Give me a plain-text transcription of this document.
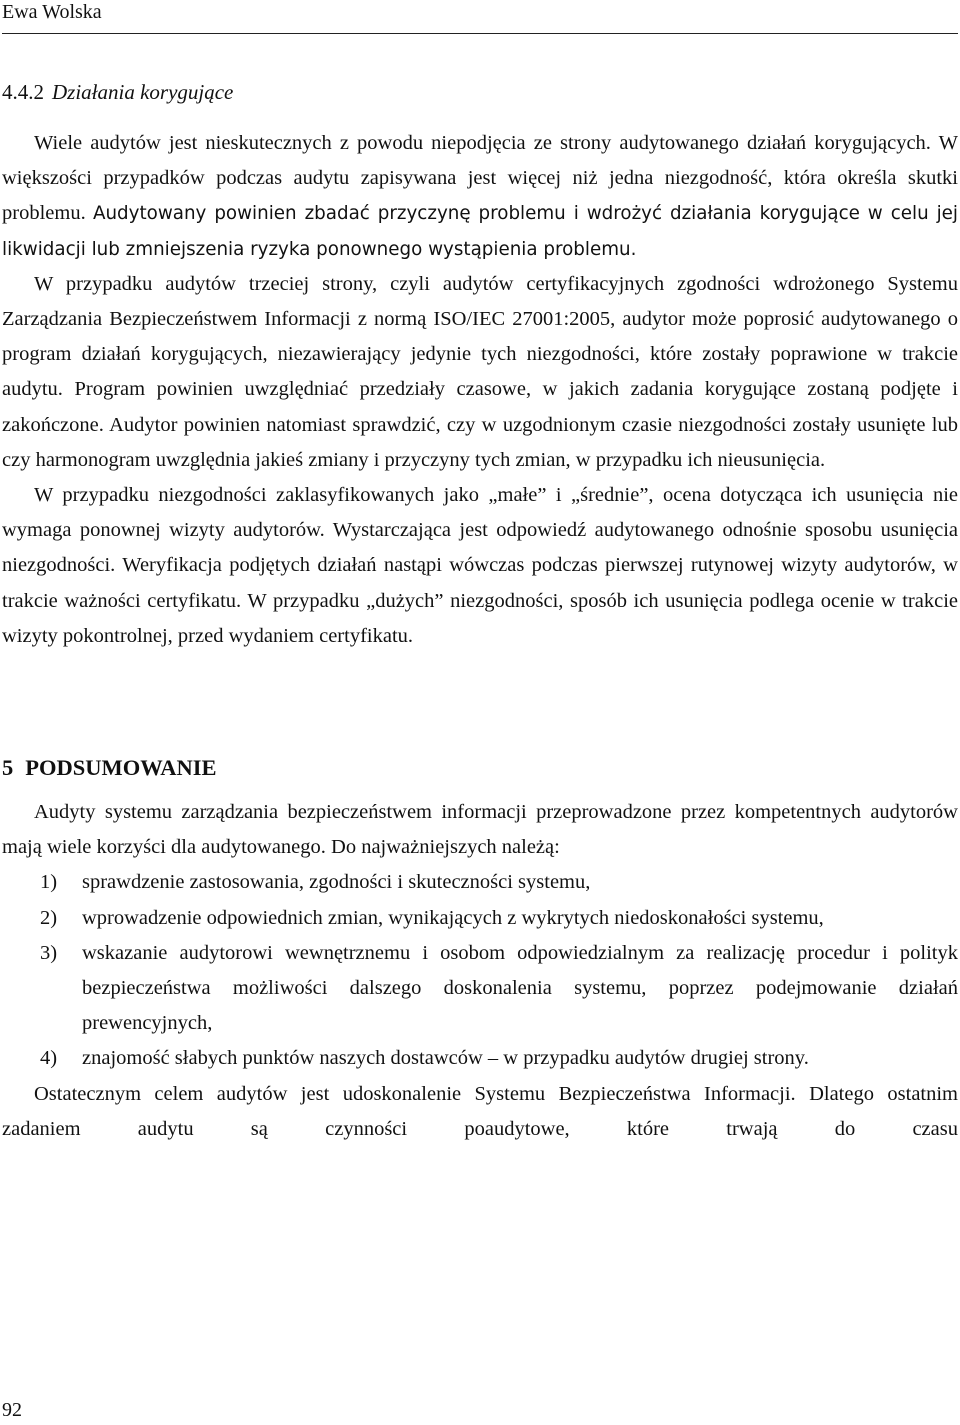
Ewa Wolska
4.4.2 Działania korygujące

Wiele audytów jest nieskutecznych z powodu niepodjęcia ze strony audytowanego działań korygujących. W większości przypadków podczas audytu zapisywana jest więcej niż jedna niezgodność, która określa skutki problemu. Audytowany powinien zbadać przyczynę problemu i wdrożyć działania korygujące w celu jej likwidacji lub zmniejszenia ryzyka ponownego wystąpienia problemu.

W przypadku audytów trzeciej strony, czyli audytów certyfikacyjnych zgodności wdrożonego Systemu Zarządzania Bezpieczeństwem Informacji z normą ISO/IEC 27001:2005, audytor może poprosić audytowanego o program działań korygujących, niezawierający jedynie tych niezgodności, które zostały poprawione w trakcie audytu. Program powinien uwzględniać przedziały czasowe, w jakich zadania korygujące zostaną podjęte i zakończone. Audytor powinien natomiast sprawdzić, czy w uzgodnionym czasie niezgodności zostały usunięte lub czy harmonogram uwzględnia jakieś zmiany i przyczyny tych zmian, w przypadku ich nieusunięcia.

W przypadku niezgodności zaklasyfikowanych jako „małe” i „średnie”, ocena dotycząca ich usunięcia nie wymaga ponownej wizyty audytorów. Wystarczająca jest odpowiedź audytowanego odnośnie sposobu usunięcia niezgodności. Weryfikacja podjętych działań nastąpi wówczas podczas pierwszej rutynowej wizyty audytorów, w trakcie ważności certyfikatu. W przypadku „dużych” niezgodności, sposób ich usunięcia podlega ocenie w trakcie wizyty pokontrolnej, przed wydaniem certyfikatu.

5 PODSUMOWANIE

Audyty systemu zarządzania bezpieczeństwem informacji przeprowadzone przez kompetentnych audytorów mają wiele korzyści dla audytowanego. Do najważniejszych należą:

1) sprawdzenie zastosowania, zgodności i skuteczności systemu,
2) wprowadzenie odpowiednich zmian, wynikających z wykrytych niedoskonałości systemu,
3) wskazanie audytorowi wewnętrznemu i osobom odpowiedzialnym za realizację procedur i polityk bezpieczeństwa możliwości dalszego doskonalenia systemu, poprzez podejmowanie działań prewencyjnych,
4) znajomość słabych punktów naszych dostawców – w przypadku audytów drugiej strony.

Ostatecznym celem audytów jest udoskonalenie Systemu Bezpieczeństwa Informacji. Dlatego ostatnim zadaniem audytu są czynności poaudytowe, które trwają do czasu

92
